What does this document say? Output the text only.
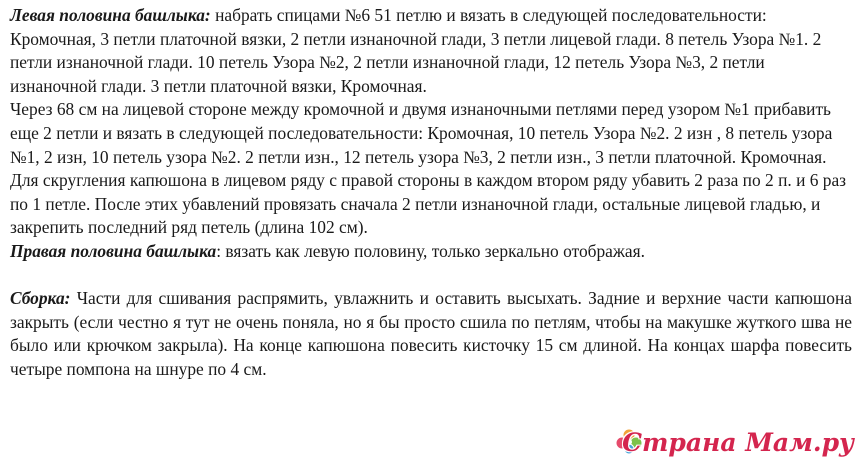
Левая половина башлыка: набрать спицами №6 51 петлю и вязать в следующей последовательности: Кромочная, 3 петли платочной вязки, 2 петли изнаночной глади, 3 петли лицевой глади. 8 петель Узора №1. 2 петли изнаночной глади. 10 петель Узора №2, 2 петли изнаночной глади, 12 петель Узора №3, 2 петли изнаночной глади. 3 петли платочной вязки, Кромочная.

Через 68 см на лицевой стороне между кромочной и двумя изнаночными петлями перед узором №1 прибавить еще 2 петли и вязать в следующей последовательности: Кромочная, 10 петель Узора №2. 2 изн , 8 петель узора №1, 2 изн, 10 петель узора №2. 2 петли изн., 12 петель узора №3, 2 петли изн., 3 петли платочной. Кромочная.

Для скругления капюшона в лицевом ряду с правой стороны в каждом втором ряду убавить 2 раза по 2 п. и 6 раз по 1 петле. После этих убавлений провязать сначала 2 петли изнаночной глади, остальные лицевой гладью, и закрепить последний ряд петель (длина 102 см).

Правая половина башлыка: вязать как левую половину, только зеркально отображая.

Сборка: Части для сшивания распрямить, увлажнить и оставить высыхать. Задние и верхние части капюшона закрыть (если честно я тут не очень поняла, но я бы просто сшила по петлям, чтобы на макушке жуткого шва не было или крючком закрыла). На конце капюшона повесить кисточку 15 см длиной. На концах шарфа повесить четыре помпона на шнуре по 4 см.

Страна Мам.ру
